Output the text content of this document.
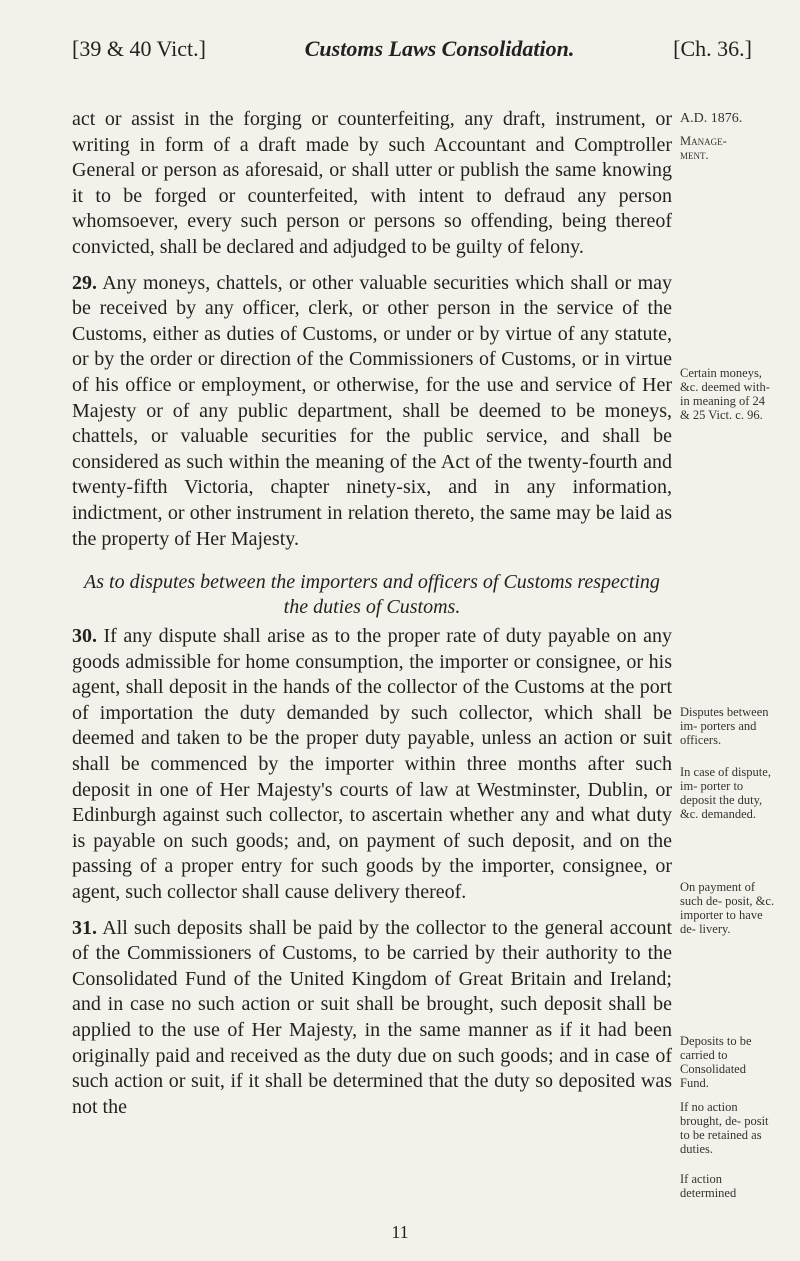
[39 & 40 Vict.]	Customs Laws Consolidation.	[Ch. 36.]

act or assist in the forging or counterfeiting, any draft, instrument, or writing in form of a draft made by such Accountant and Comptroller General or person as aforesaid, or shall utter or publish the same knowing it to be forged or counterfeited, with intent to defraud any person whomsoever, every such person or persons so offending, being thereof convicted, shall be declared and adjudged to be guilty of felony.

29. Any moneys, chattels, or other valuable securities which shall or may be received by any officer, clerk, or other person in the service of the Customs, either as duties of Customs, or under or by virtue of any statute, or by the order or direction of the Commissioners of Customs, or in virtue of his office or employment, or otherwise, for the use and service of Her Majesty or of any public department, shall be deemed to be moneys, chattels, or valuable securities for the public service, and shall be considered as such within the meaning of the Act of the twenty-fourth and twenty-fifth Victoria, chapter ninety-six, and in any information, indictment, or other instrument in relation thereto, the same may be laid as the property of Her Majesty.

As to disputes between the importers and officers of Customs respecting the duties of Customs.

30. If any dispute shall arise as to the proper rate of duty payable on any goods admissible for home consumption, the importer or consignee, or his agent, shall deposit in the hands of the collector of the Customs at the port of importation the duty demanded by such collector, which shall be deemed and taken to be the proper duty payable, unless an action or suit shall be commenced by the importer within three months after such deposit in one of Her Majesty's courts of law at Westminster, Dublin, or Edinburgh against such collector, to ascertain whether any and what duty is payable on such goods; and, on payment of such deposit, and on the passing of a proper entry for such goods by the importer, consignee, or agent, such collector shall cause delivery thereof.

31. All such deposits shall be paid by the collector to the general account of the Commissioners of Customs, to be carried by their authority to the Consolidated Fund of the United Kingdom of Great Britain and Ireland; and in case no such action or suit shall be brought, such deposit shall be applied to the use of Her Majesty, in the same manner as if it had been originally paid and received as the duty due on such goods; and in case of such action or suit, if it shall be determined that the duty so deposited was not the

A.D. 1876.
Manage-
ment.
Certain moneys, &c. deemed with- in meaning of 24 & 25 Vict. c. 96.
Disputes between im- porters and officers.
In case of dispute, im- porter to deposit the duty, &c. demanded.
On payment of such de- posit, &c. importer to have de- livery.
Deposits to be carried to Consolidated Fund.
If no action brought, de- posit to be retained as duties.
If action determined
11
